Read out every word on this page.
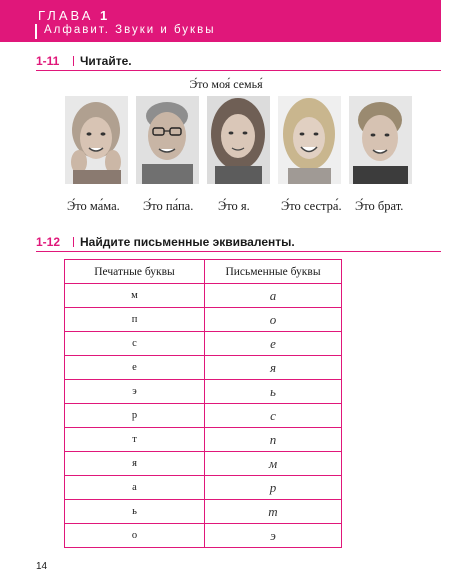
ГЛАВА 1
Алфавит. Звуки и буквы
1-11 Читайте.
Э́то моя́ семья́
Э́то ма́ма. Э́то па́па. Э́то я. Э́то сестра́. Э́то брат.
1-12 Найдите письменные эквиваленты.
Печатные буквы	Письменные буквы
м	а
п	о
с	е
е	я
э	ь
р	с
т	п
я	м
а	р
ь	т
о	э
14
